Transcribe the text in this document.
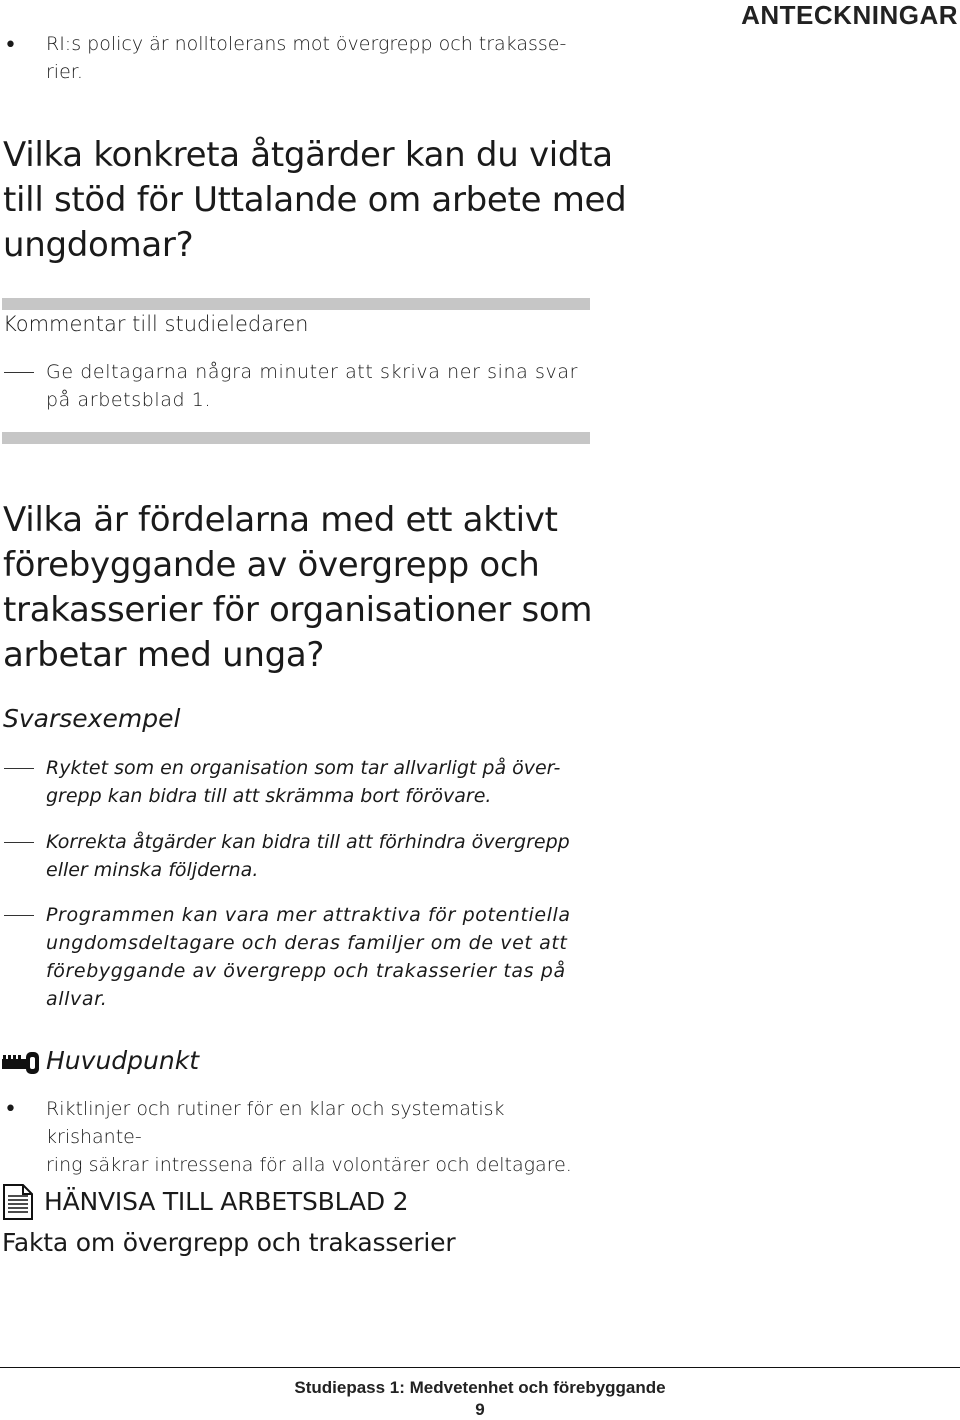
ANTECKNINGAR
• RI:s policy är nolltolerans mot övergrepp och trakasse-
rier.
Vilka konkreta åtgärder kan du vidta
till stöd för Uttalande om arbete med
ungdomar?
Kommentar till studieledaren
Ge deltagarna några minuter att skriva ner sina svar
på arbetsblad 1.
Vilka är fördelarna med ett aktivt
förebyggande av övergrepp och
trakasserier för organisationer som
arbetar med unga?
Svarsexempel
Ryktet som en organisation som tar allvarligt på över-
grepp kan bidra till att skrämma bort förövare.
Korrekta åtgärder kan bidra till att förhindra övergrepp
eller minska följderna.
Programmen kan vara mer attraktiva för potentiella
ungdomsdeltagare och deras familjer om de vet att
förebyggande av övergrepp och trakasserier tas på
allvar.
Huvudpunkt
• Riktlinjer och rutiner för en klar och systematisk krishante-
ring säkrar intressena för alla volontärer och deltagare.
HÄNVISA TILL ARBETSBLAD 2
Fakta om övergrepp och trakasserier
Studiepass 1: Medvetenhet och förebyggande
9
